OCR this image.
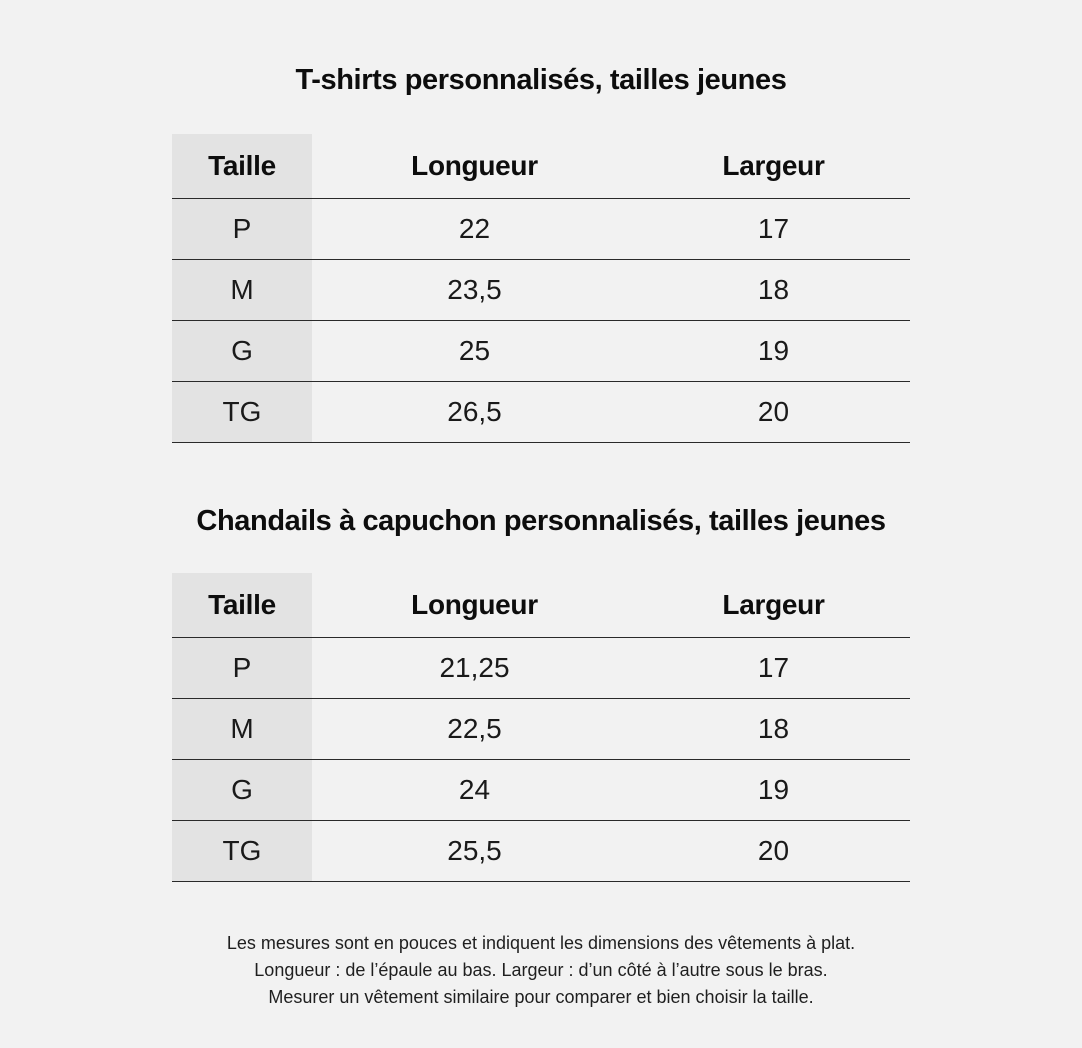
T-shirts personnalisés, tailles jeunes
Taille	Longueur	Largeur
P	22	17
M	23,5	18
G	25	19
TG	26,5	20
Chandails à capuchon personnalisés, tailles jeunes
Taille	Longueur	Largeur
P	21,25	17
M	22,5	18
G	24	19
TG	25,5	20
Les mesures sont en pouces et indiquent les dimensions des vêtements à plat.
Longueur : de l’épaule au bas. Largeur : d’un côté à l’autre sous le bras.
Mesurer un vêtement similaire pour comparer et bien choisir la taille.
